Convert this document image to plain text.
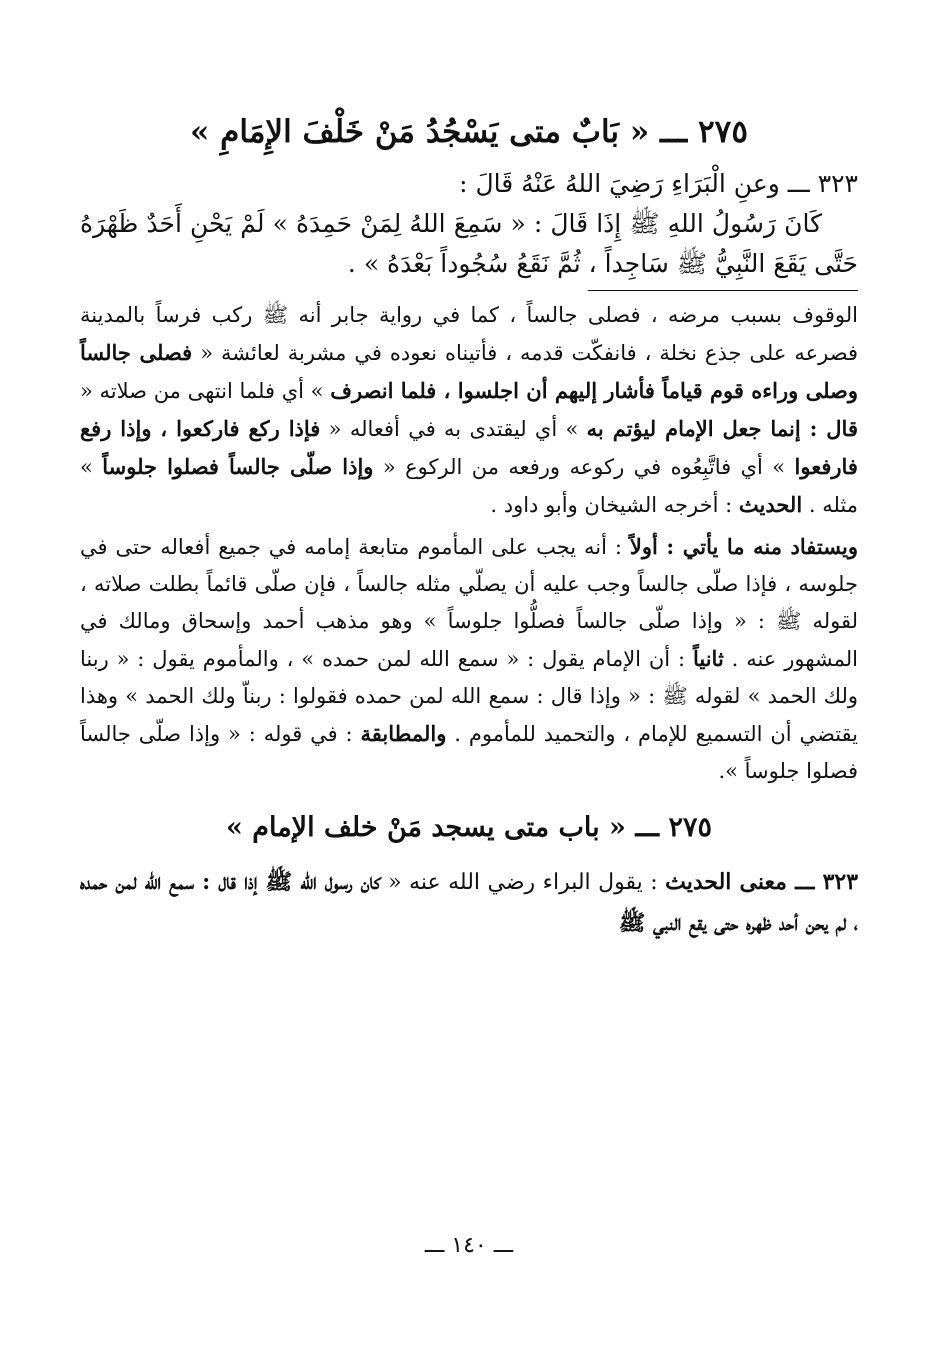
٢٧٥ ـــ « بَابٌ متى يَسْجُدُ مَنْ خَلْفَ الإِمَامِ »

٣٢٣ ـــ وعنِ الْبَرَاءِ رَضِيَ اللهُ عَنْهُ قَالَ :

كَانَ رَسُولُ اللهِ ﷺ إِذَا قَالَ : « سَمِعَ اللهُ لِمَنْ حَمِدَهُ » لَمْ يَحْنِ أَحَدٌ ظَهْرَهُ حَتَّى يَقَعَ النَّبِيُّ ﷺ سَاجِداً ، ثُمَّ نَقَعُ سُجُوداً بَعْدَهُ » .

الوقوف بسبب مرضه ، فصلى جالساً ، كما في رواية جابر أنه ﷺ ركب فرساً بالمدينة فصرعه على جذع نخلة ، فانفكّت قدمه ، فأتيناه نعوده في مشربة لعائشة « فصلى جالساً وصلى وراءه قوم قياماً فأشار إليهم أن اجلسوا ، فلما انصرف » أي فلما انتهى من صلاته « قال : إنما جعل الإمام ليؤتم به » أي ليقتدى به في أفعاله « فإذا ركع فاركعوا ، وإذا رفع فارفعوا » أي فاتَّبِعُوه في ركوعه ورفعه من الركوع « وإذا صلّى جالساً فصلوا جلوساً » مثله . الحديث : أخرجه الشيخان وأبو داود .

ويستفاد منه ما يأتي : أولاً : أنه يجب على المأموم متابعة إمامه في جميع أفعاله حتى في جلوسه ، فإذا صلّى جالساً وجب عليه أن يصلّي مثله جالساً ، فإن صلّى قائماً بطلت صلاته ، لقوله ﷺ : « وإذا صلّى جالساً فصلُّوا جلوساً » وهو مذهب أحمد وإسحاق ومالك في المشهور عنه . ثانياً : أن الإمام يقول : « سمع الله لمن حمده » ، والمأموم يقول : « ربنا ولك الحمد » لقوله ﷺ : « وإذا قال : سمع الله لمن حمده فقولوا : ربناّ ولك الحمد » وهذا يقتضي أن التسميع للإمام ، والتحميد للمأموم . والمطابقة : في قوله : « وإذا صلّى جالساً فصلوا جلوساً ».

٢٧٥ ـــ « باب متى يسجد مَنْ خلف الإمام »

٣٢٣ ـــ معنى الحديث : يقول البراء رضي الله عنه « كان رسول الله ﷺ إذا قال : سمع الله لمن حمده ، لم يحن أحد ظهره حتى يقع النبي ﷺ

ـــ ١٤٠ ـــ
